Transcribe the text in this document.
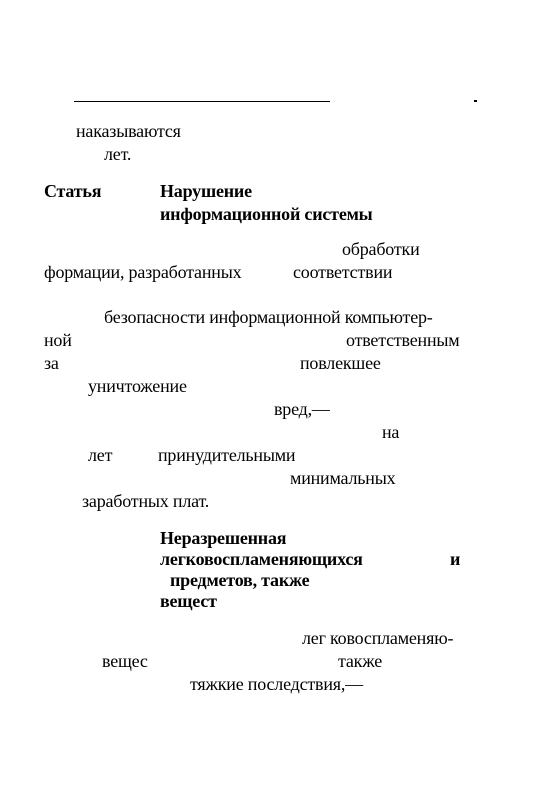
наказываются
лет.
Статья	Нарушение
информационной системы
обработки
формации, разработанных	соответствии
безопасности информационной компьютер-
ной	ответственным
за	повлекшее
уничтожение
вред,—
на
лет	принудительными
минимальных
заработных плат.
Неразрешенная
легковоспламеняющихся	и
предметов, также
вещест
лег ковоспламеняю-
вещес	также
тяжкие последствия,—
